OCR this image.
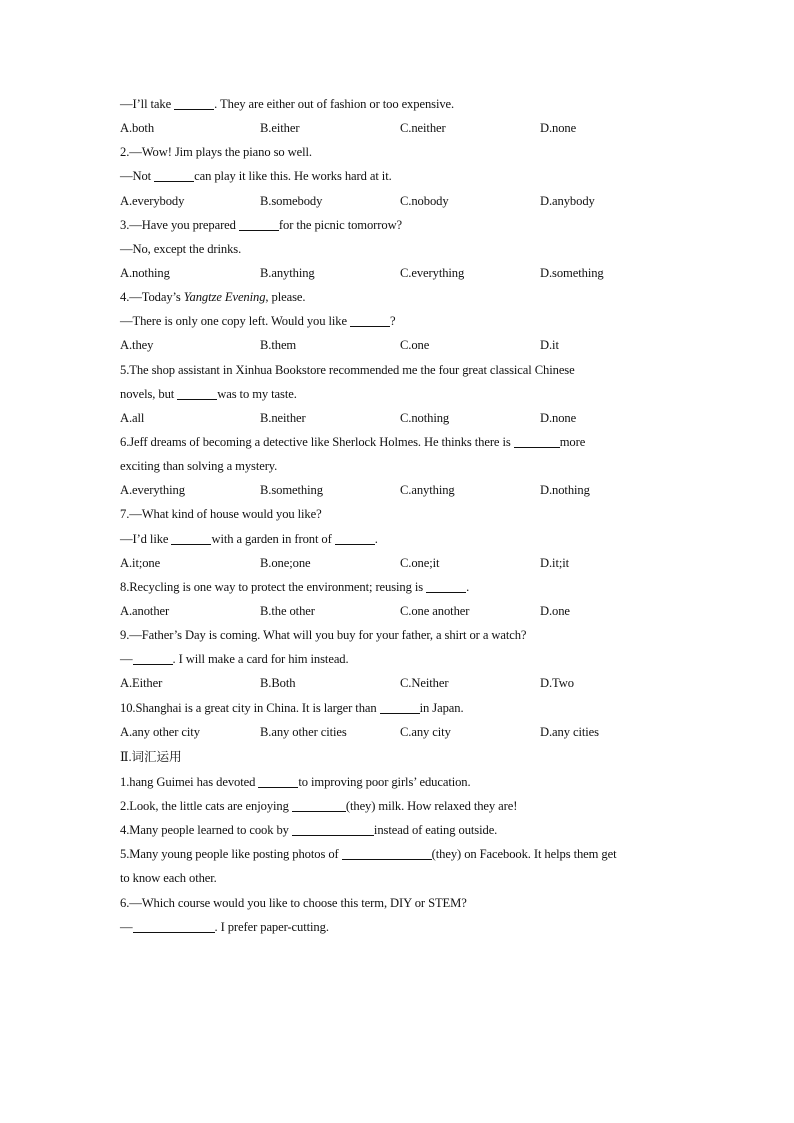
—I’ll take	. They are either out of fashion or too expensive.
A.both	B.either	C.neither	D.none
2.—Wow! Jim plays the piano so well.
—Not	can play it like this. He works hard at it.
A.everybody	B.somebody	C.nobody	D.anybody
3.—Have you prepared	for the picnic tomorrow?
—No, except the drinks.
A.nothing	B.anything	C.everything	D.something
4.—Today’s Yangtze Evening, please.
—There is only one copy left. Would you like	?
A.they	B.them	C.one	D.it
5.The shop assistant in Xinhua Bookstore recommended me the four great classical Chinese
novels, but	was to my taste.
A.all	B.neither	C.nothing	D.none
6.Jeff dreams of becoming a detective like Sherlock Holmes. He thinks there is	more
exciting than solving a mystery.
A.everything	B.something	C.anything	D.nothing
7.—What kind of house would you like?
—I’d like	with a garden in front of	.
A.it;one	B.one;one	C.one;it	D.it;it
8.Recycling is one way to protect the environment; reusing is	.
A.another	B.the other	C.one another	D.one
9.—Father’s Day is coming. What will you buy for your father, a shirt or a watch?
—	. I will make a card for him instead.
A.Either	B.Both	C.Neither	D.Two
10.Shanghai is a great city in China. It is larger than	in Japan.
A.any other city	B.any other cities	C.any city	D.any cities
Ⅱ.词汇运用
1.hang Guimei has devoted	to improving poor girls’ education.
2.Look, the little cats are enjoying	(they) milk. How relaxed they are!
4.Many people learned to cook by	instead of eating outside.
5.Many young people like posting photos of	(they) on Facebook. It helps them get
to know each other.
6.—Which course would you like to choose this term, DIY or STEM?
—	. I prefer paper-cutting.
